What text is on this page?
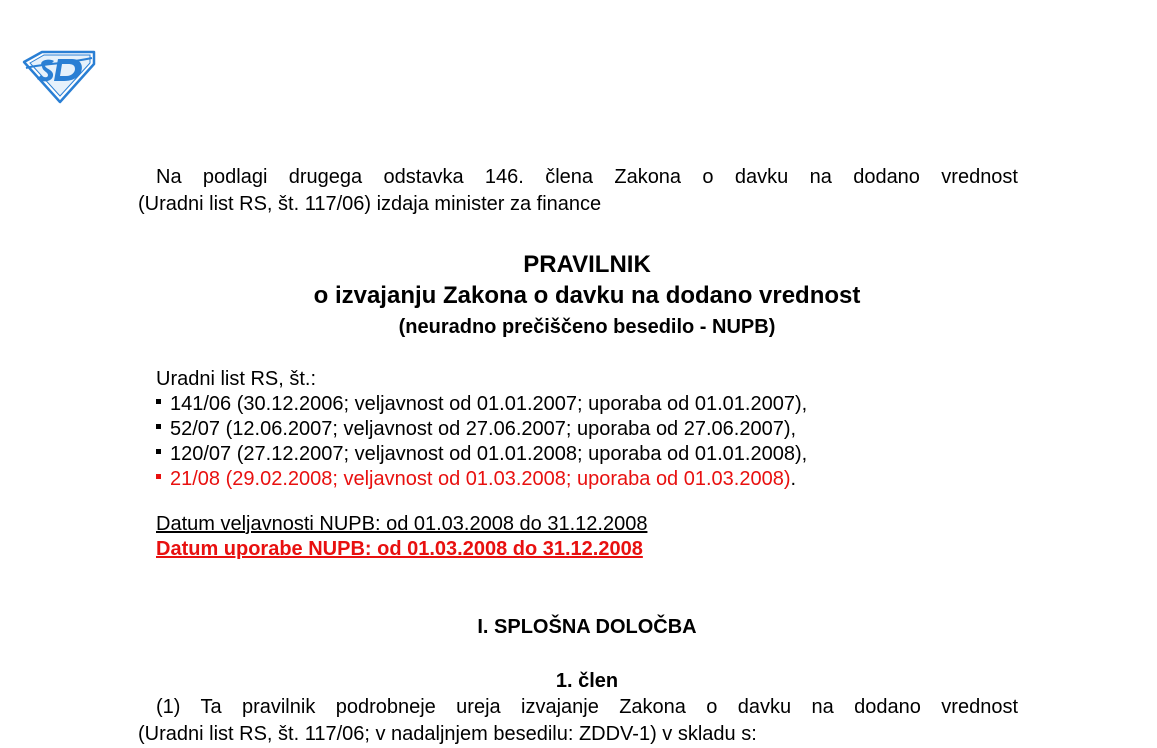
Na podlagi drugega odstavka 146. člena Zakona o davku na dodano vrednost
(Uradni list RS, št. 117/06) izdaja minister za finance

PRAVILNIK

o izvajanju Zakona o davku na dodano vrednost

(neuradno prečiščeno besedilo - NUPB)

Uradni list RS, št.:
141/06 (30.12.2006; veljavnost od 01.01.2007; uporaba od 01.01.2007),
52/07 (12.06.2007; veljavnost od 27.06.2007; uporaba od 27.06.2007),
120/07 (27.12.2007; veljavnost od 01.01.2008; uporaba od 01.01.2008),
21/08 (29.02.2008; veljavnost od 01.03.2008; uporaba od 01.03.2008).
Datum veljavnosti NUPB: od 01.03.2008 do 31.12.2008
Datum uporabe NUPB: od 01.03.2008 do 31.12.2008

I. SPLOŠNA DOLOČBA

1. člen

(1) Ta pravilnik podrobneje ureja izvajanje Zakona o davku na dodano vrednost
(Uradni list RS, št. 117/06; v nadaljnjem besedilu: ZDDV-1) v skladu s:
